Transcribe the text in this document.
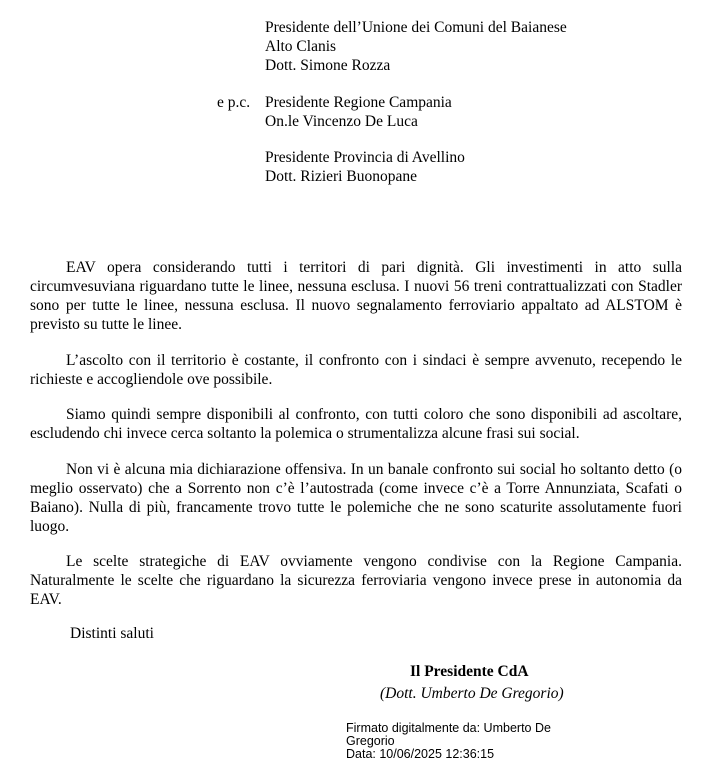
Presidente dell’Unione dei Comuni del Baianese
Alto Clanis
Dott. Simone Rozza
e p.c. Presidente Regione Campania
On.le Vincenzo De Luca
Presidente Provincia di Avellino
Dott. Rizieri Buonopane

EAV opera considerando tutti i territori di pari dignità. Gli investimenti in atto sulla circumvesuviana riguardano tutte le linee, nessuna esclusa. I nuovi 56 treni contrattualizzati con Stadler sono per tutte le linee, nessuna esclusa. Il nuovo segnalamento ferroviario appaltato ad ALSTOM è previsto su tutte le linee.

L’ascolto con il territorio è costante, il confronto con i sindaci è sempre avvenuto, recependo le richieste e accogliendole ove possibile.

Siamo quindi sempre disponibili al confronto, con tutti coloro che sono disponibili ad ascoltare, escludendo chi invece cerca soltanto la polemica o strumentalizza alcune frasi sui social.

Non vi è alcuna mia dichiarazione offensiva. In un banale confronto sui social ho soltanto detto (o meglio osservato) che a Sorrento non c’è l’autostrada (come invece c’è a Torre Annunziata, Scafati o Baiano). Nulla di più, francamente trovo tutte le polemiche che ne sono scaturite assolutamente fuori luogo.

Le scelte strategiche di EAV ovviamente vengono condivise con la Regione Campania. Naturalmente le scelte che riguardano la sicurezza ferroviaria vengono invece prese in autonomia da EAV.

Distinti saluti
Il Presidente CdA
(Dott. Umberto De Gregorio)
Firmato digitalmente da: Umberto De
Gregorio
Data: 10/06/2025 12:36:15
